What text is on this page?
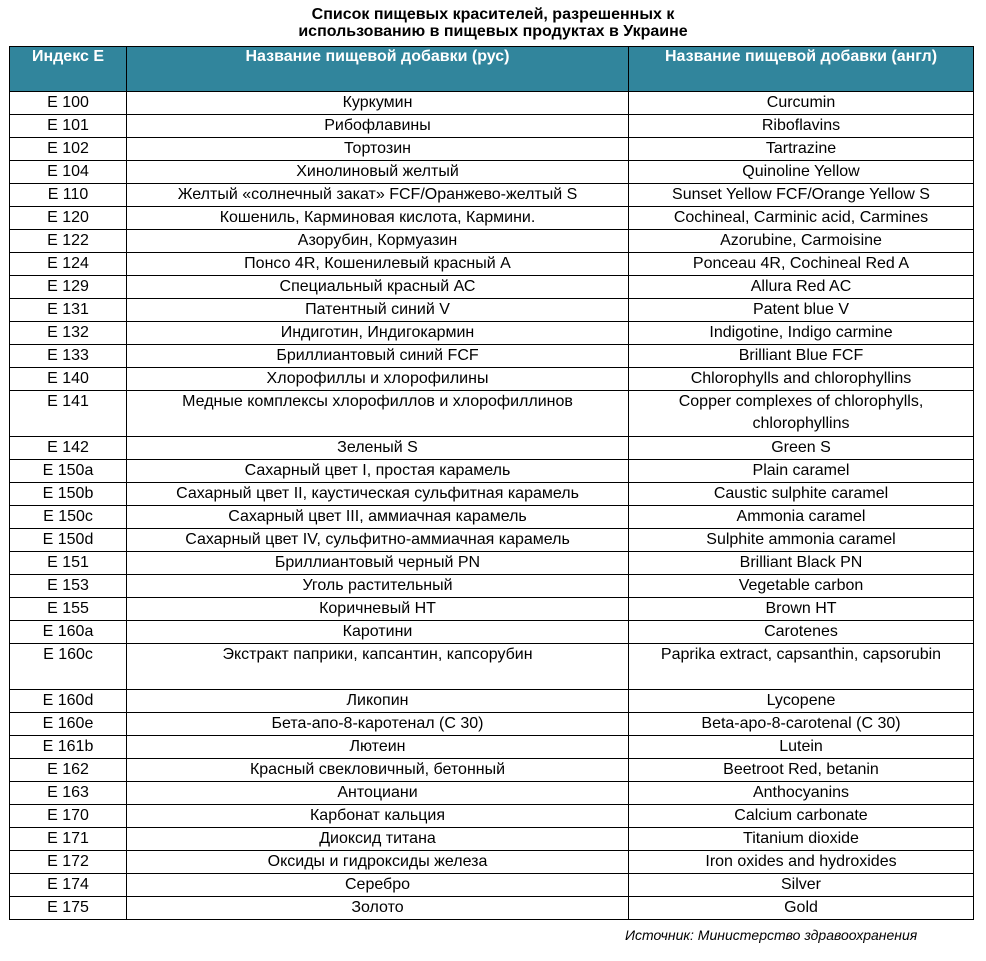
Список пищевых красителей, разрешенных к
использованию в пищевых продуктах в Украине
Индекс Е	Название пищевой добавки (рус)	Название пищевой добавки (англ)
Е 100	Куркумин	Curcumin
Е 101	Рибофлавины	Riboflavins
Е 102	Тортозин	Tartrazine
Е 104	Хинолиновый желтый	Quinoline Yellow
Е 110	Желтый «солнечный закат» FCF/Оранжево-желтый S	Sunset Yellow FCF/Orange Yellow S
Е 120	Кошениль, Карминовая кислота, Кармини.	Cochineal, Carminic acid, Carmines
Е 122	Азорубин, Кормуазин	Azorubine, Carmoisine
Е 124	Понсо 4R, Кошенилевый красный А	Ponceau 4R, Cochineal Red A
Е 129	Специальный красный АС	Allura Red AC
Е 131	Патентный синий V	Patent blue V
Е 132	Индиготин, Индигокармин	Indigotine, Indigo carmine
Е 133	Бриллиантовый синий FCF	Brilliant Blue FCF
Е 140	Хлорофиллы и хлорофилины	Chlorophylls and chlorophyllins
Е 141	Медные комплексы хлорофиллов и хлорофиллинов	Copper complexes of chlorophylls, chlorophyllins
Е 142	Зеленый S	Green S
Е 150a	Сахарный цвет I, простая карамель	Plain caramel
Е 150b	Сахарный цвет II, каустическая сульфитная карамель	Caustic sulphite caramel
Е 150c	Сахарный цвет III, аммиачная карамель	Ammonia caramel
Е 150d	Сахарный цвет IV, сульфитно-аммиачная карамель	Sulphite ammonia caramel
Е 151	Бриллиантовый черный PN	Brilliant Black PN
Е 153	Уголь растительный	Vegetable carbon
Е 155	Коричневый НТ	Brown HT
Е 160a	Каротини	Carotenes
Е 160c	Экстракт паприки, капсантин, капсорубин	Paprika extract, capsanthin, capsorubin
Е 160d	Ликопин	Lycopene
Е 160e	Бета-апо-8-каротенал (С 30)	Beta-apo-8-carotenal (C 30)
Е 161b	Лютеин	Lutein
Е 162	Красный свекловичный, бетонный	Beetroot Red, betanin
Е 163	Антоциани	Anthocyanins
Е 170	Карбонат кальция	Calcium carbonate
Е 171	Диоксид титана	Titanium dioxide
Е 172	Оксиды и гидроксиды железа	Iron oxides and hydroxides
Е 174	Серебро	Silver
Е 175	Золото	Gold
Источник: Министерство здравоохранения
